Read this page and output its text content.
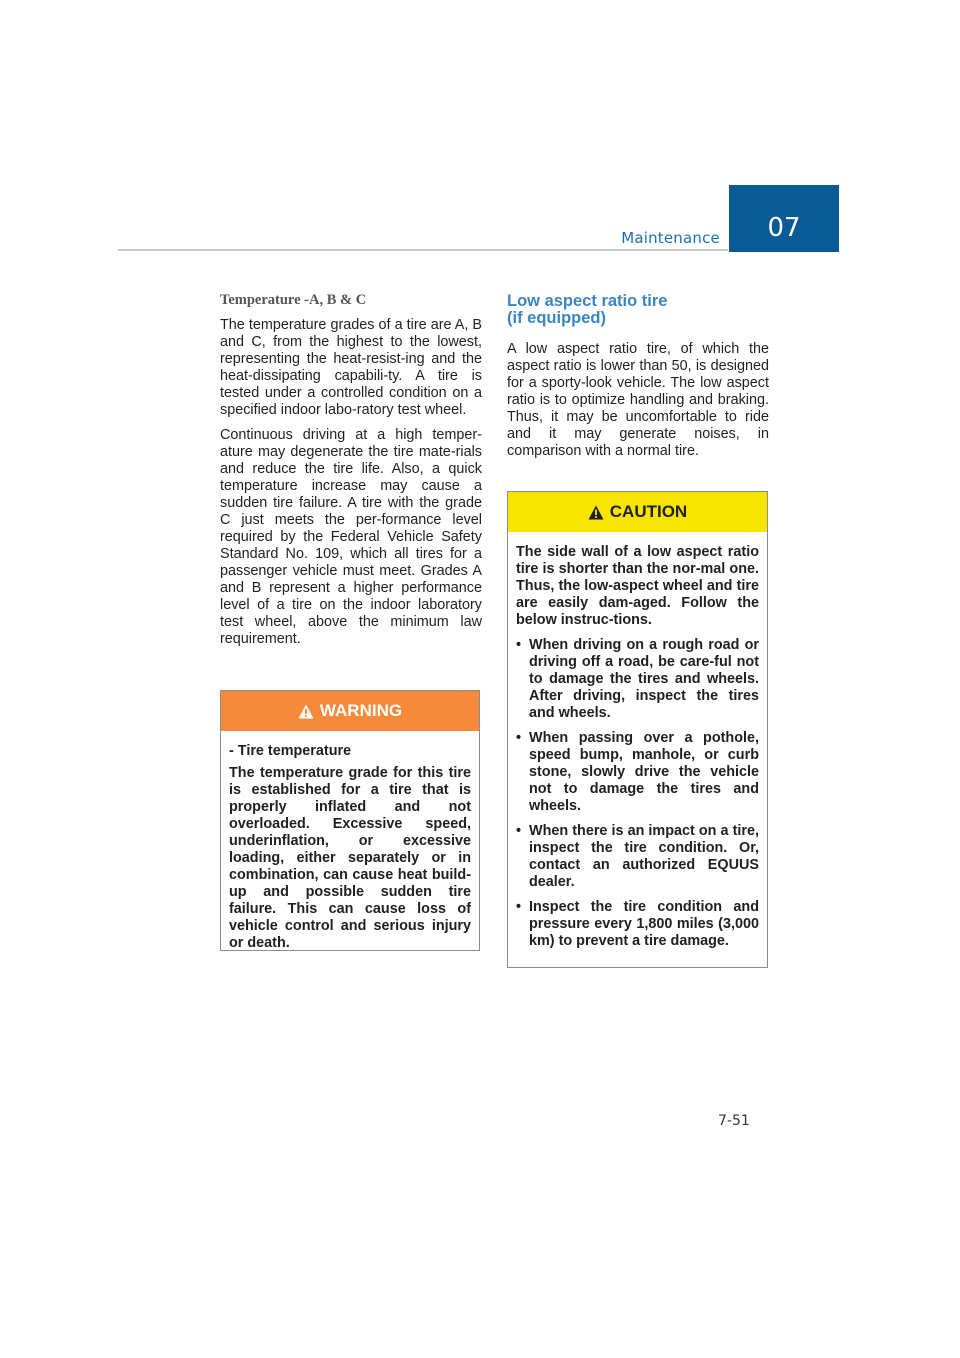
Maintenance	07

Temperature -A, B & C

The temperature grades of a tire are A, B and C, from the highest to the lowest, representing the heat-resist-ing and the heat-dissipating capabili-ty. A tire is tested under a controlled condition on a specified indoor labo-ratory test wheel.

Continuous driving at a high temper-ature may degenerate the tire mate-rials and reduce the tire life. Also, a quick temperature increase may cause a sudden tire failure. A tire with the grade C just meets the per-formance level required by the Federal Vehicle Safety Standard No. 109, which all tires for a passenger vehicle must meet. Grades A and B represent a higher performance level of a tire on the indoor laboratory test wheel, above the minimum law requirement.

WARNING

- Tire temperature

The temperature grade for this tire is established for a tire that is properly inflated and not overloaded. Excessive speed, underinflation, or excessive loading, either separately or in combination, can cause heat build-up and possible sudden tire failure. This can cause loss of vehicle control and serious injury or death.

Low aspect ratio tire
(if equipped)

A low aspect ratio tire, of which the aspect ratio is lower than 50, is designed for a sporty-look vehicle. The low aspect ratio is to optimize handling and braking. Thus, it may be uncomfortable to ride and it may generate noises, in comparison with a normal tire.

CAUTION

The side wall of a low aspect ratio tire is shorter than the nor-mal one. Thus, the low-aspect wheel and tire are easily dam-aged. Follow the below instruc-tions.

• When driving on a rough road or driving off a road, be care-ful not to damage the tires and wheels. After driving, inspect the tires and wheels.
• When passing over a pothole, speed bump, manhole, or curb stone, slowly drive the vehicle not to damage the tires and wheels.
• When there is an impact on a tire, inspect the tire condition. Or, contact an authorized EQUUS dealer.
• Inspect the tire condition and pressure every 1,800 miles (3,000 km) to prevent a tire damage.
7-51
